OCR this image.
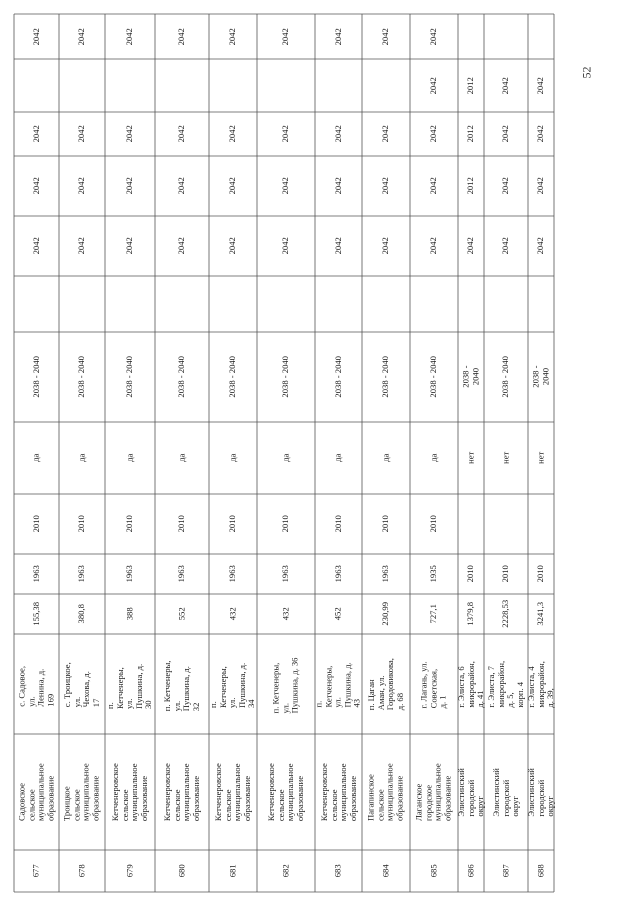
677
Садовское сельское
муниципальное
образование
с. Садовое, ул.
Ленина, д. 169
155,38
1963
2010
да
2038 - 2040
2042
2042
2042
2042
678
Троицкое сельское
муниципальное
образование
с. Троицкое, ул.
Чехова, д. 17
380,8
1963
2010
да
2038 - 2040
2042
2042
2042
2042
679
Кетченеровское
сельское
муниципальное
образование
п. Кетченеры, ул.
Пушкина, д. 30
388
1963
2010
да
2038 - 2040
2042
2042
2042
2042
680
Кетченеровское
сельское
муниципальное
образование
п. Кетченеры, ул.
Пушкина, д. 32
552
1963
2010
да
2038 - 2040
2042
2042
2042
2042
681
Кетченеровское
сельское
муниципальное
образование
п. Кетченеры, ул.
Пушкина, д. 34
432
1963
2010
да
2038 - 2040
2042
2042
2042
2042
682
Кетченеровское
сельское
муниципальное
образование
п. Кетченеры, ул.
Пушкина, д. 36
432
1963
2010
да
2038 - 2040
2042
2042
2042
2042
683
Кетченеровское
сельское
муниципальное
образование
п. Кетченеры, ул.
Пушкина, д. 43
452
1963
2010
да
2038 - 2040
2042
2042
2042
2042
684
Пагапинское
сельское
муниципальное
образование
п. Цаган Аман, ул.
Городовикова, д. 68
230,99
1963
2010
да
2038 - 2040
2042
2042
2042
2042
685
Лаганское городское
муниципальное
образование
г. Лагань, ул.
Советская, д. 1
727,1
1935
2010
да
2038 - 2040
2042
2042
2042
2042
2042
686
Элистинский
городской округ
г. Элиста, 6
микрорайон, д. 41
1379,8
2010
нет
2038 - 2040
2042
2012
2012
2012
687
Элистинский
городской округ
г. Элиста, 7
микрорайон, д. 5,
корп. 4
2228,53
2010
нет
2038 - 2040
2042
2042
2042
2042
688
Элистинский
городской округ
г. Элиста, 4
микрорайон, д. 39,
3241,3
2010
нет
2038 - 2040
2042
2042
2042
2042
52
